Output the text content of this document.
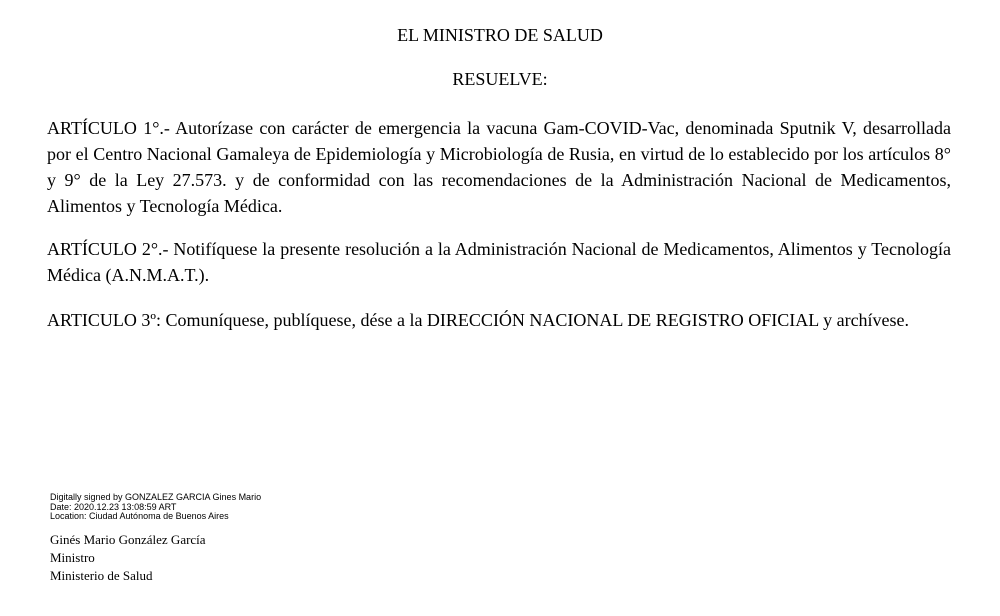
EL MINISTRO DE SALUD
RESUELVE:

ARTÍCULO 1°.- Autorízase con carácter de emergencia la vacuna Gam-COVID-Vac, denominada Sputnik V, desarrollada por el Centro Nacional Gamaleya de Epidemiología y Microbiología de Rusia, en virtud de lo establecido por los artículos 8° y 9° de la Ley 27.573. y de conformidad con las recomendaciones de la Administración Nacional de Medicamentos, Alimentos y Tecnología Médica.

ARTÍCULO 2°.- Notifíquese la presente resolución a la Administración Nacional de Medicamentos, Alimentos y Tecnología Médica (A.N.M.A.T.).

ARTICULO 3º: Comuníquese, publíquese, dése a la DIRECCIÓN NACIONAL DE REGISTRO OFICIAL y archívese.

Digitally signed by GONZALEZ GARCIA Gines Mario
Date: 2020.12.23 13:08:59 ART
Location: Ciudad Autónoma de Buenos Aires
Ginés Mario González García
Ministro
Ministerio de Salud
